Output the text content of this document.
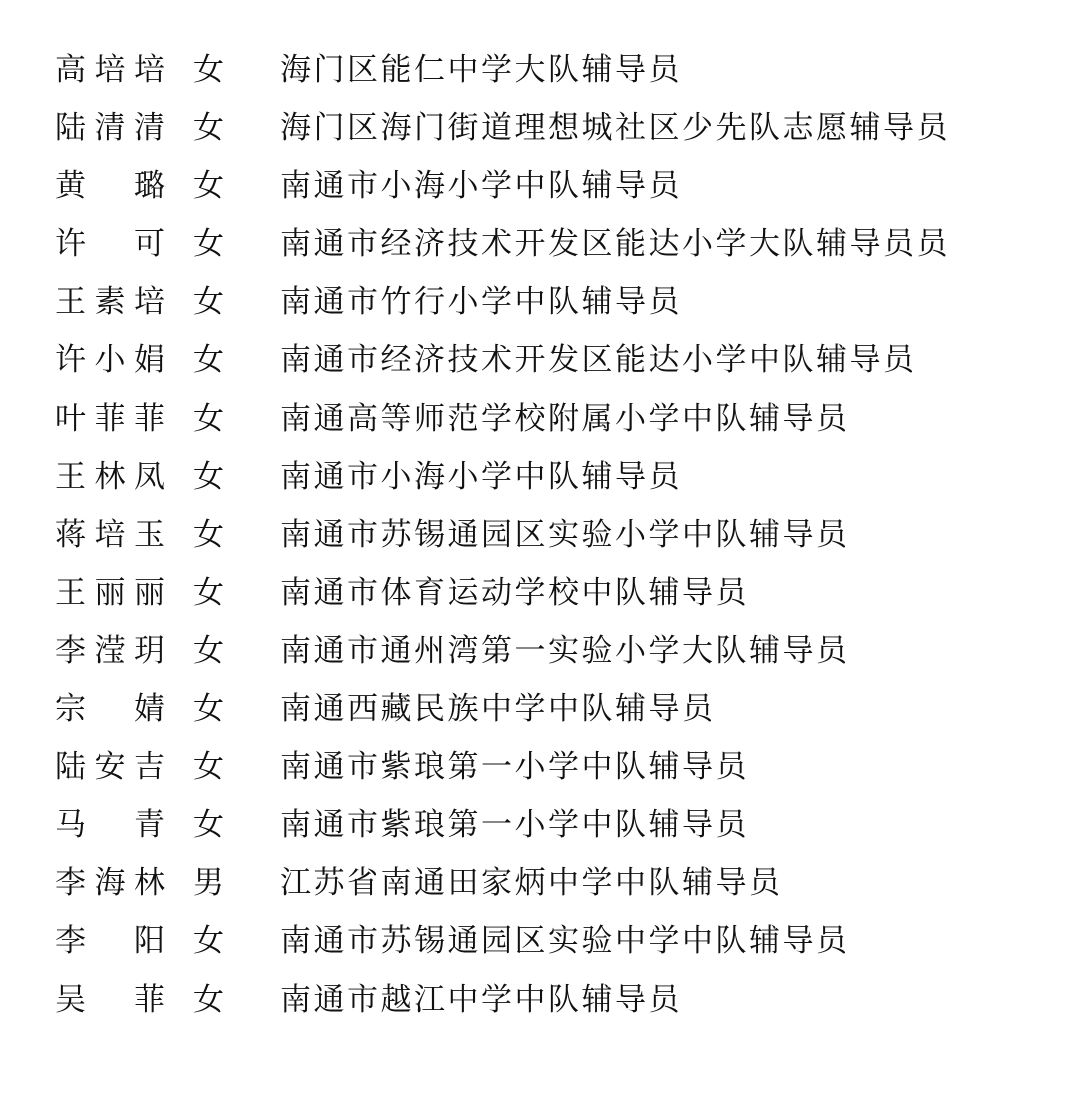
高 培 培 女 海门区能仁中学大队辅导员
陆 清 清 女 海门区海门街道理想城社区少先队志愿辅导员
黄 璐 女 南通市小海小学中队辅导员
许 可 女 南通市经济技术开发区能达小学大队辅导员员
王 素 培 女 南通市竹行小学中队辅导员
许 小 娟 女 南通市经济技术开发区能达小学中队辅导员
叶 菲 菲 女 南通高等师范学校附属小学中队辅导员
王 林 凤 女 南通市小海小学中队辅导员
蒋 培 玉 女 南通市苏锡通园区实验小学中队辅导员
王 丽 丽 女 南通市体育运动学校中队辅导员
李 滢 玥 女 南通市通州湾第一实验小学大队辅导员
宗 婧 女 南通西藏民族中学中队辅导员
陆 安 吉 女 南通市紫琅第一小学中队辅导员
马 青 女 南通市紫琅第一小学中队辅导员
李 海 林 男 江苏省南通田家炳中学中队辅导员
李 阳 女 南通市苏锡通园区实验中学中队辅导员
吴 菲 女 南通市越江中学中队辅导员
